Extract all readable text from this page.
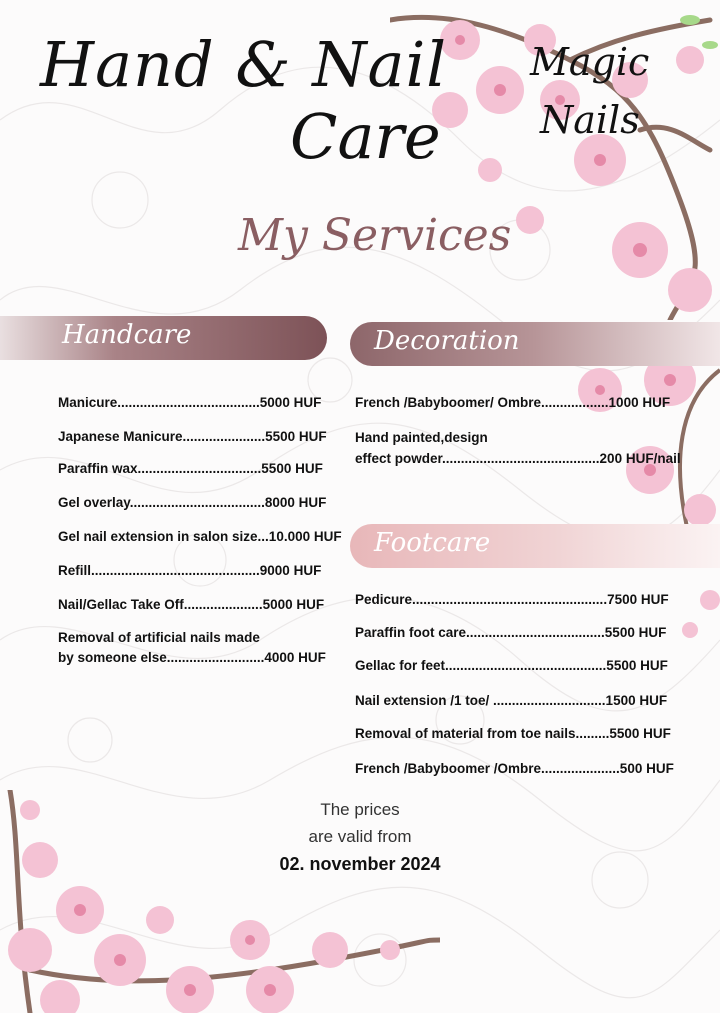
Hand & Nail
Care
Magic
Nails
My Services
Handcare	Decoration
Footcare
Manicure......................................5000 HUF
Japanese Manicure......................5500 HUF
Paraffin wax.................................5500 HUF
Gel overlay....................................8000 HUF
Gel nail extension in salon size...10.000 HUF
Refill.............................................9000 HUF
Nail/Gellac Take Off.....................5000 HUF
Removal of artificial nails made
by someone else..........................4000 HUF
French /Babyboomer/ Ombre..................1000 HUF
Hand painted,design
effect powder..........................................200 HUF/nail
Pedicure....................................................7500 HUF
Paraffin foot care.....................................5500 HUF
Gellac for feet...........................................5500 HUF
Nail extension /1 toe/ ..............................1500 HUF
Removal of material from toe nails.........5500 HUF
French /Babyboomer /Ombre.....................500 HUF
The prices
are valid from
02. november 2024
